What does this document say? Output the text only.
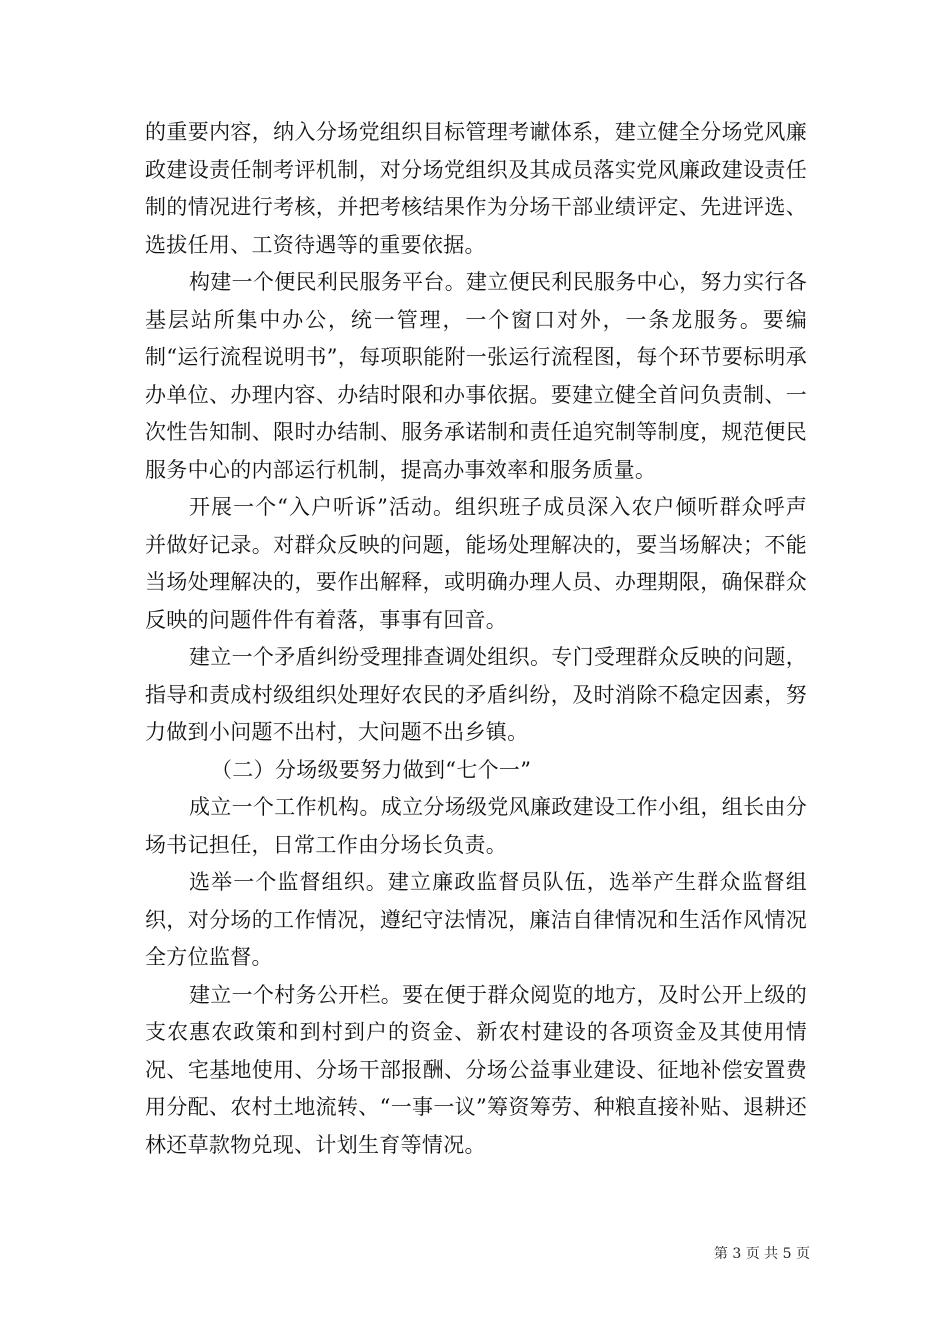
的重要内容，纳入分场党组织目标管理考谳体系，建立健全分场党风廉政建设责任制考评机制，对分场党组织及其成员落实党风廉政建设责任制的情况进行考核，并把考核结果作为分场干部业绩评定、先进评选、选拔任用、工资待遇等的重要依据。

构建一个便民利民服务平台。建立便民利民服务中心，努力实行各基层站所集中办公，统一管理，一个窗口对外，一条龙服务。要编制“运行流程说明书”，每项职能附一张运行流程图，每个环节要标明承办单位、办理内容、办结时限和办事依据。要建立健全首问负责制、一次性告知制、限时办结制、服务承诺制和责任追究制等制度，规范便民服务中心的内部运行机制，提高办事效率和服务质量。

开展一个“入户听诉”活动。组织班子成员深入农户倾听群众呼声并做好记录。对群众反映的问题，能场处理解决的，要当场解决；不能当场处理解决的，要作出解释，或明确办理人员、办理期限，确保群众反映的问题件件有着落，事事有回音。

建立一个矛盾纠纷受理排查调处组织。专门受理群众反映的问题，指导和责成村级组织处理好农民的矛盾纠纷，及时消除不稳定因素，努力做到小问题不出村，大问题不出乡镇。

（二）分场级要努力做到“七个一”

成立一个工作机构。成立分场级党风廉政建设工作小组，组长由分场书记担任，日常工作由分场长负责。

选举一个监督组织。建立廉政监督员队伍，选举产生群众监督组织，对分场的工作情况，遵纪守法情况，廉洁自律情况和生活作风情况全方位监督。

建立一个村务公开栏。要在便于群众阅览的地方，及时公开上级的支农惠农政策和到村到户的资金、新农村建设的各项资金及其使用情况、宅基地使用、分场干部报酬、分场公益事业建设、征地补偿安置费用分配、农村土地流转、“一事一议”筹资筹劳、种粮直接补贴、退耕还林还草款物兑现、计划生育等情况。

第 3 页 共 5 页
